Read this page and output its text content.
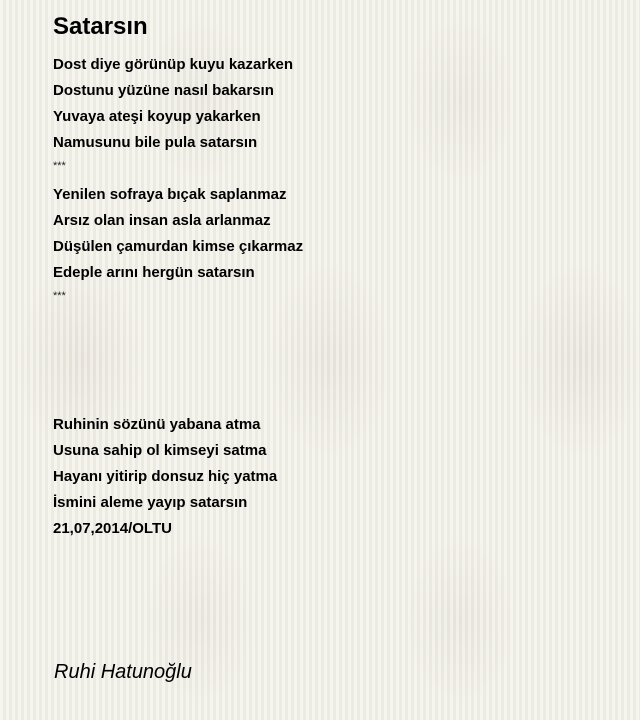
Satarsın
Dost diye görünüp kuyu kazarken
Dostunu yüzüne nasıl bakarsın
Yuvaya ateşi koyup yakarken
Namusunu bile pula satarsın
***
Yenilen sofraya bıçak saplanmaz
Arsız olan insan asla arlanmaz
Düşülen çamurdan kimse çıkarmaz
Edeple arını hergün satarsın
***
Ruhinin sözünü yabana atma
Usuna sahip ol kimseyi satma
Hayanı yitirip donsuz hiç yatma
İsmini aleme yayıp satarsın
21,07,2014/OLTU
Ruhi Hatunoğlu
